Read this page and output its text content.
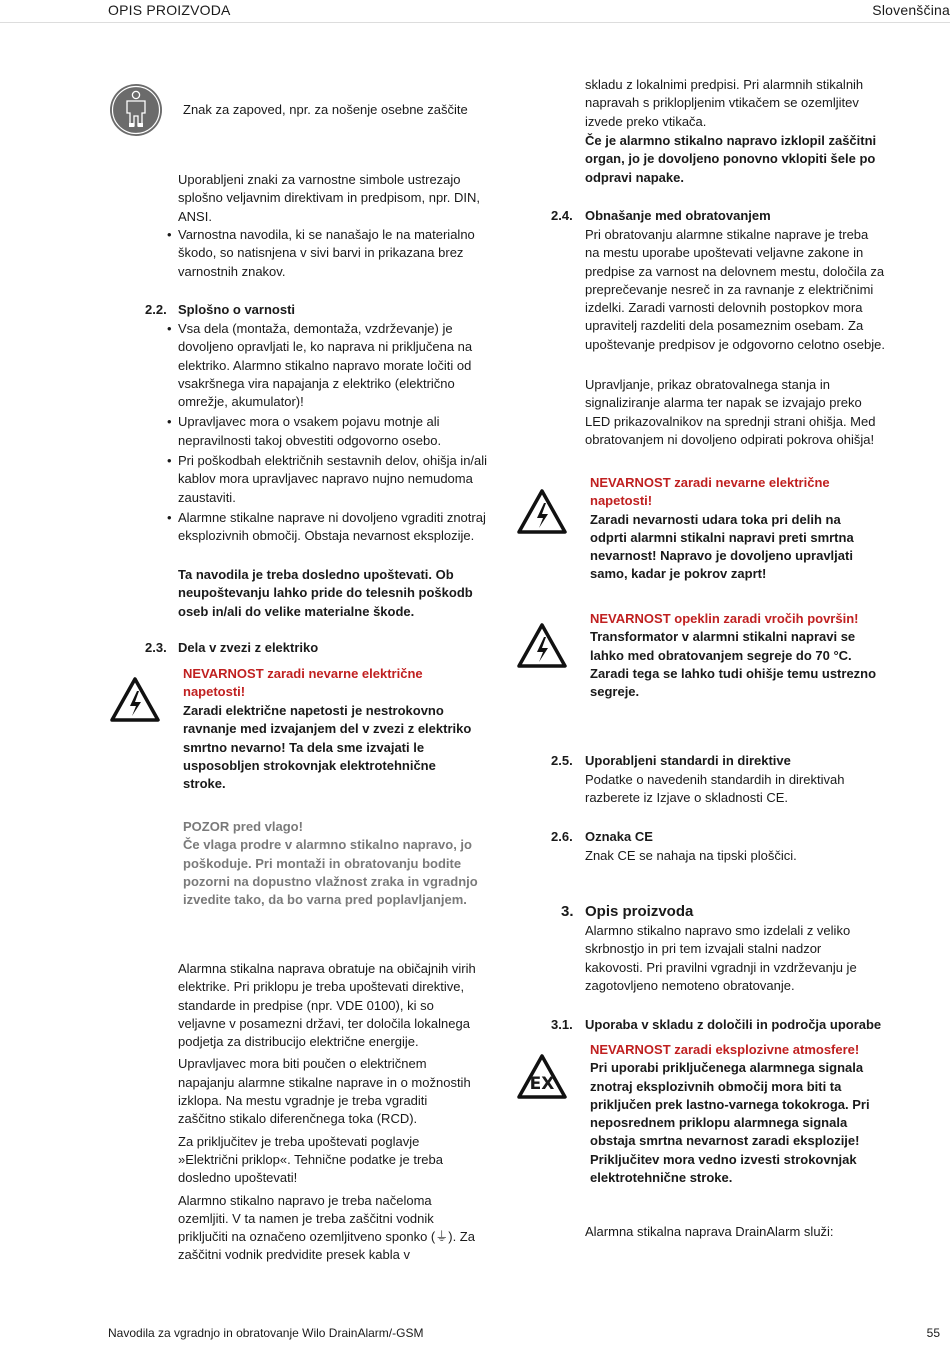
OPIS PROIZVODA	Slovenščina
Znak za zapoved, npr. za nošenje osebne zaščite
Uporabljeni znaki za varnostne simbole ustrezajo splošno veljavnim direktivam in predpisom, npr. DIN, ANSI.
• Varnostna navodila, ki se nanašajo le na materialno škodo, so natisnjena v sivi barvi in prikazana brez varnostnih znakov.
2.2. Splošno o varnosti
• Vsa dela (montaža, demontaža, vzdrževanje) je dovoljeno opravljati le, ko naprava ni priključena na elektriko. Alarmno stikalno napravo morate ločiti od vsakršnega vira napajanja z elektriko (električno omrežje, akumulator)!
• Upravljavec mora o vsakem pojavu motnje ali nepravilnosti takoj obvestiti odgovorno osebo.
• Pri poškodbah električnih sestavnih delov, ohišja in/ali kablov mora upravljavec napravo nujno nemudoma zaustaviti.
• Alarmne stikalne naprave ni dovoljeno vgraditi znotraj eksplozivnih območij. Obstaja nevarnost eksplozije.
Ta navodila je treba dosledno upoštevati. Ob neupoštevanju lahko pride do telesnih poškodb oseb in/ali do velike materialne škode.
2.3. Dela v zvezi z elektriko
NEVARNOST zaradi nevarne električne napetosti!
Zaradi električne napetosti je nestrokovno ravnanje med izvajanjem del v zvezi z elektriko smrtno nevarno! Ta dela sme izvajati le usposobljen strokovnjak elektrotehnične stroke.
POZOR pred vlago!
Če vlaga prodre v alarmno stikalno napravo, jo poškoduje. Pri montaži in obratovanju bodite pozorni na dopustno vlažnost zraka in vgradnjo izvedite tako, da bo varna pred poplavljanjem.

Alarmna stikalna naprava obratuje na običajnih virih elektrike. Pri priklopu je treba upoštevati direktive, standarde in predpise (npr. VDE 0100), ki so veljavne v posamezni državi, ter določila lokalnega podjetja za distribucijo električne energije.

Upravljavec mora biti poučen o električnem napajanju alarmne stikalne naprave in o možnostih izklopa. Na mestu vgradnje je treba vgraditi zaščitno stikalo diferenčnega toka (RCD).

Za priključitev je treba upoštevati poglavje »Električni priklop«. Tehnične podatke je treba dosledno upoštevati!

Alarmno stikalno napravo je treba načeloma ozemljiti. V ta namen je treba zaščitni vodnik priključiti na označeno ozemljitveno sponko (⏚). Za zaščitni vodnik predvidite presek kabla v

skladu z lokalnimi predpisi. Pri alarmnih stikalnih napravah s priklopljenim vtikačem se ozemljitev izvede preko vtikača.
Če je alarmno stikalno napravo izklopil zaščitni organ, jo je dovoljeno ponovno vklopiti šele po odpravi napake.
2.4. Obnašanje med obratovanjem
Pri obratovanju alarmne stikalne naprave je treba na mestu uporabe upoštevati veljavne zakone in predpise za varnost na delovnem mestu, določila za preprečevanje nesreč in za ravnanje z električnimi izdelki. Zaradi varnosti delovnih postopkov mora upravitelj razdeliti dela posameznim osebam. Za upoštevanje predpisov je odgovorno celotno osebje.
Upravljanje, prikaz obratovalnega stanja in signaliziranje alarma ter napak se izvajajo preko LED prikazovalnikov na sprednji strani ohišja. Med obratovanjem ni dovoljeno odpirati pokrova ohišja!
NEVARNOST zaradi nevarne električne napetosti!
Zaradi nevarnosti udara toka pri delih na odprti alarmni stikalni napravi preti smrtna nevarnost! Napravo je dovoljeno upravljati samo, kadar je pokrov zaprt!
NEVARNOST opeklin zaradi vročih površin!
Transformator v alarmni stikalni napravi se lahko med obratovanjem segreje do 70 °C. Zaradi tega se lahko tudi ohišje temu ustrezno segreje.
2.5. Uporabljeni standardi in direktive
Podatke o navedenih standardih in direktivah razberete iz Izjave o skladnosti CE.
2.6. Oznaka CE
Znak CE se nahaja na tipski ploščici.
3. Opis proizvoda
Alarmno stikalno napravo smo izdelali z veliko skrbnostjo in pri tem izvajali stalni nadzor kakovosti. Pri pravilni vgradnji in vzdrževanju je zagotovljeno nemoteno obratovanje.
3.1. Uporaba v skladu z določili in področja uporabe
EX
NEVARNOST zaradi eksplozivne atmosfere!
Pri uporabi priključenega alarmnega signala znotraj eksplozivnih območij mora biti ta priključen prek lastno-varnega tokokroga. Pri neposrednem priklopu alarmnega signala obstaja smrtna nevarnost zaradi eksplozije! Priključitev mora vedno izvesti strokovnjak elektrotehnične stroke.
Alarmna stikalna naprava DrainAlarm služi:
Navodila za vgradnjo in obratovanje Wilo DrainAlarm/-GSM	55
